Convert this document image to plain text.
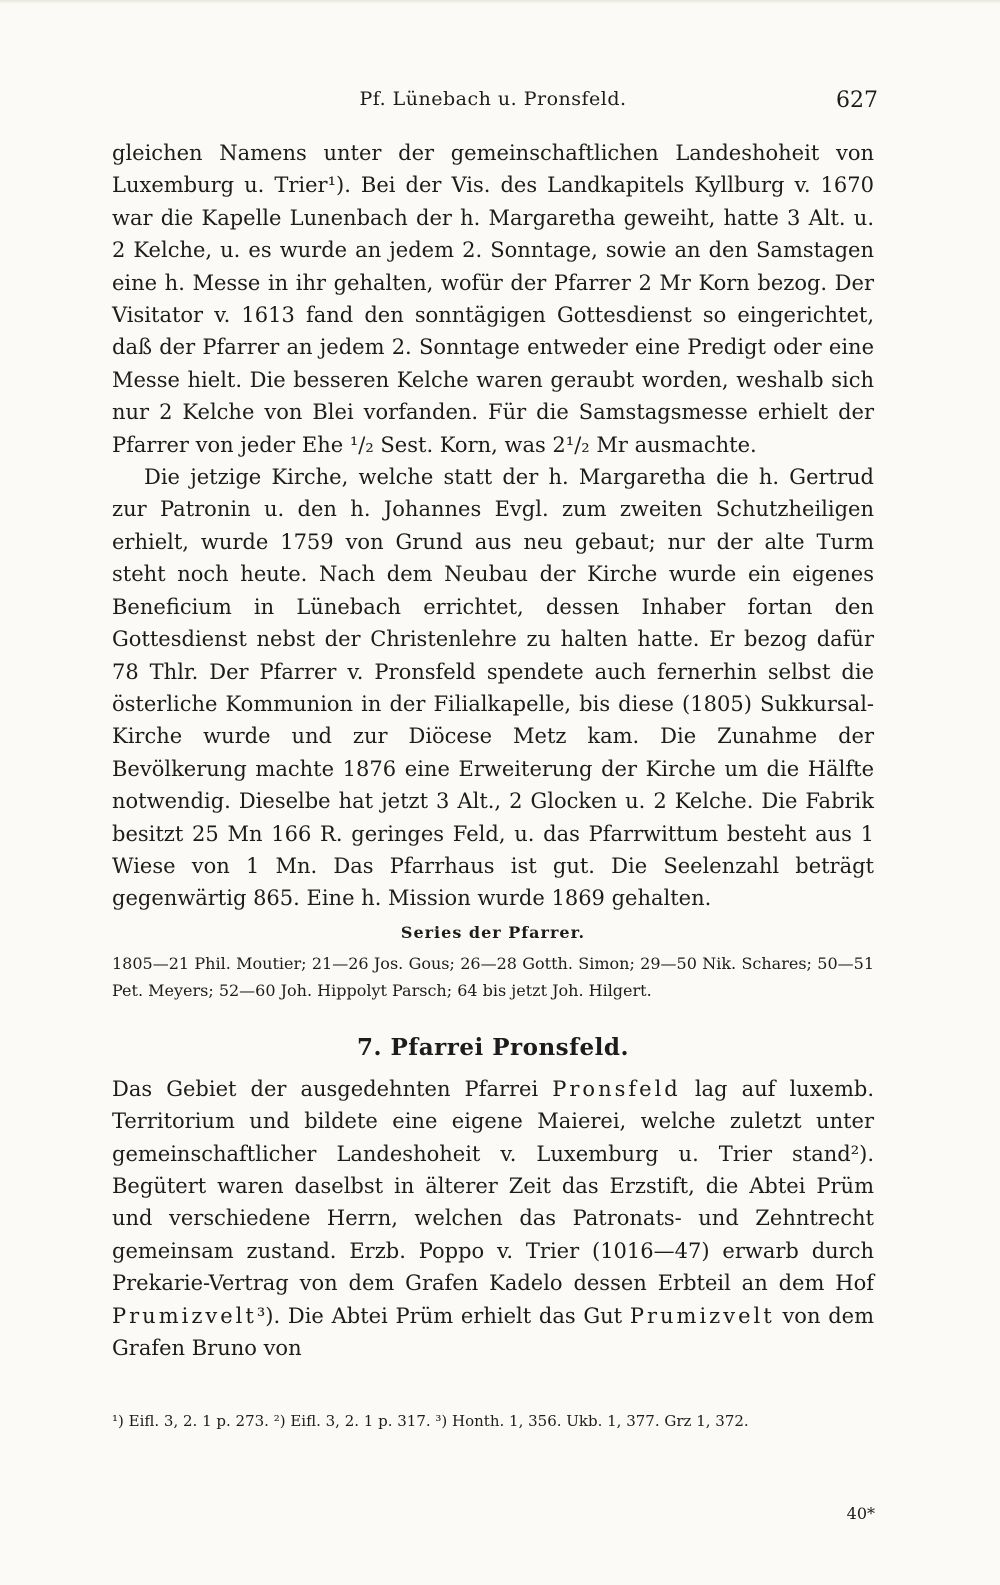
Pf. Lünebach u. Pronsfeld.	627

gleichen Namens unter der gemeinschaftlichen Landeshoheit von Luxemburg u. Trier¹). Bei der Vis. des Landkapitels Kyllburg v. 1670 war die Kapelle Lunenbach der h. Margaretha geweiht, hatte 3 Alt. u. 2 Kelche, u. es wurde an jedem 2. Sonntage, sowie an den Samstagen eine h. Messe in ihr gehalten, wofür der Pfarrer 2 Mr Korn bezog. Der Visitator v. 1613 fand den sonntägigen Gottesdienst so eingerichtet, daß der Pfarrer an jedem 2. Sonntage entweder eine Predigt oder eine Messe hielt. Die besseren Kelche waren geraubt worden, weshalb sich nur 2 Kelche von Blei vorfanden. Für die Samstagsmesse erhielt der Pfarrer von jeder Ehe ¹/₂ Sest. Korn, was 2¹/₂ Mr ausmachte.

Die jetzige Kirche, welche statt der h. Margaretha die h. Gertrud zur Patronin u. den h. Johannes Evgl. zum zweiten Schutzheiligen erhielt, wurde 1759 von Grund aus neu gebaut; nur der alte Turm steht noch heute. Nach dem Neubau der Kirche wurde ein eigenes Beneficium in Lünebach errichtet, dessen Inhaber fortan den Gottesdienst nebst der Christenlehre zu halten hatte. Er bezog dafür 78 Thlr. Der Pfarrer v. Pronsfeld spendete auch fernerhin selbst die österliche Kommunion in der Filialkapelle, bis diese (1805) Sukkursal-Kirche wurde und zur Diöcese Metz kam. Die Zunahme der Bevölkerung machte 1876 eine Erweiterung der Kirche um die Hälfte notwendig. Dieselbe hat jetzt 3 Alt., 2 Glocken u. 2 Kelche. Die Fabrik besitzt 25 Mn 166 R. geringes Feld, u. das Pfarrwittum besteht aus 1 Wiese von 1 Mn. Das Pfarrhaus ist gut. Die Seelenzahl beträgt gegenwärtig 865. Eine h. Mission wurde 1869 gehalten.

Series der Pfarrer.

1805—21 Phil. Moutier; 21—26 Jos. Gous; 26—28 Gotth. Simon; 29—50 Nik. Schares; 50—51 Pet. Meyers; 52—60 Joh. Hippolyt Parsch; 64 bis jetzt Joh. Hilgert.

7. Pfarrei Pronsfeld.

Das Gebiet der ausgedehnten Pfarrei Pronsfeld lag auf luxemb. Territorium und bildete eine eigene Maierei, welche zuletzt unter gemeinschaftlicher Landeshoheit v. Luxemburg u. Trier stand²). Begütert waren daselbst in älterer Zeit das Erzstift, die Abtei Prüm und verschiedene Herrn, welchen das Patronats- und Zehntrecht gemeinsam zustand. Erzb. Poppo v. Trier (1016—47) erwarb durch Prekarie-Vertrag von dem Grafen Kadelo dessen Erbteil an dem Hof Prumizvelt³). Die Abtei Prüm erhielt das Gut Prumizvelt von dem Grafen Bruno von

¹) Eifl. 3, 2. 1 p. 273. ²) Eifl. 3, 2. 1 p. 317. ³) Honth. 1, 356. Ukb. 1, 377. Grz 1, 372.
40*
